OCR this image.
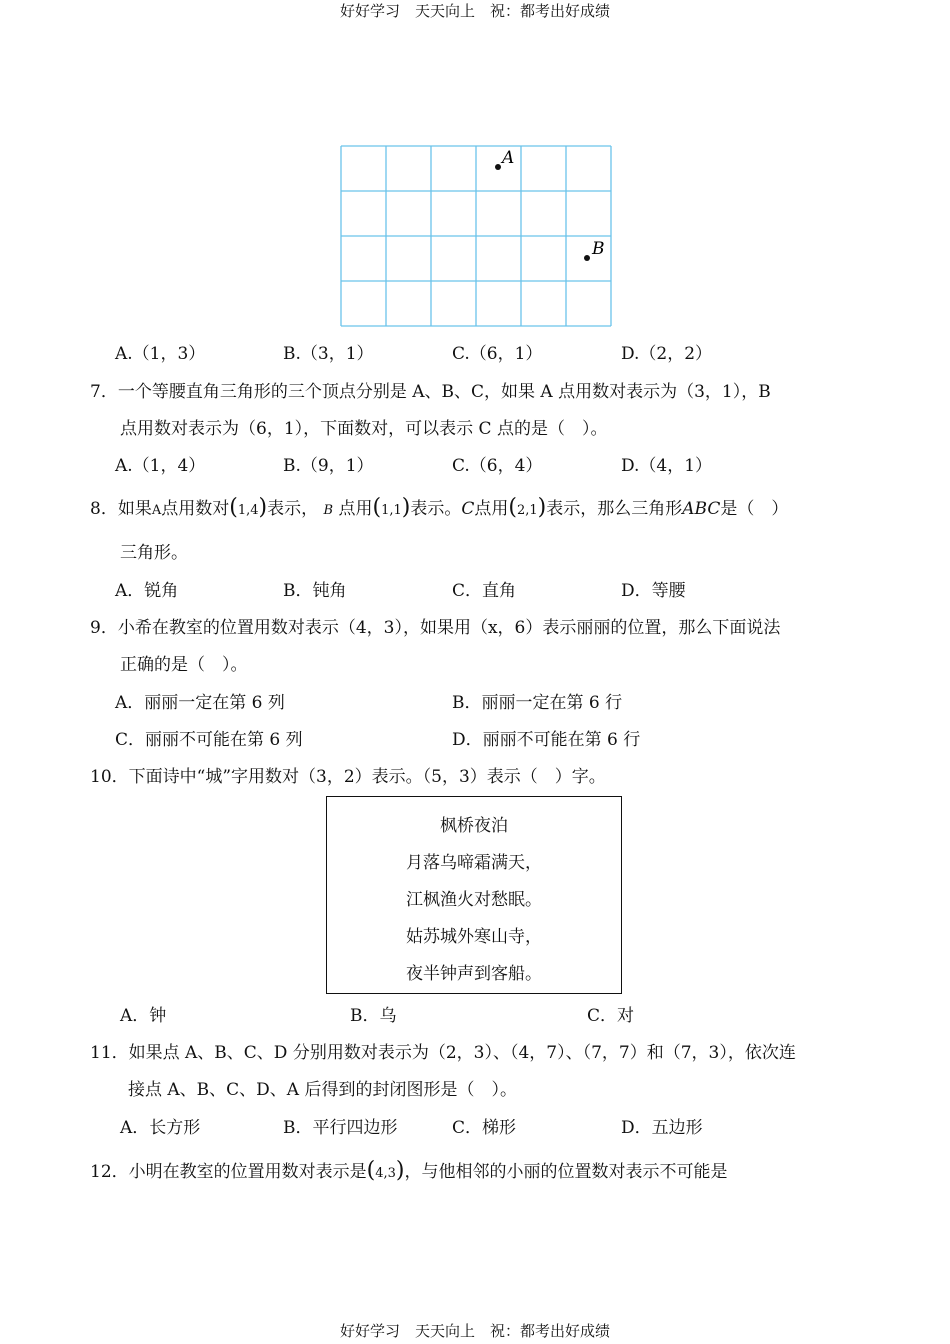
好好学习　天天向上　祝：都考出好成绩
A
B
A.（1，3）	B.（3，1）	C.（6，1）	D.（2，2）
7．一个等腰直角三角形的三个顶点分别是 A、B、C，如果 A 点用数对表示为（3，1），B
点用数对表示为（6，1），下面数对，可以表示 C 点的是（　）。
A.（1，4）	B.（9，1）	C.（6，4）	D.（4，1）
8．如果A点用数对(1,4)表示， B 点用(1,1)表示。C点用(2,1)表示，那么三角形ABC是（　）
三角形。
A．锐角	B．钝角	C．直角	D．等腰
9．小希在教室的位置用数对表示（4，3），如果用（x，6）表示丽丽的位置，那么下面说法
正确的是（　）。
A．丽丽一定在第 6 列	B．丽丽一定在第 6 行
C．丽丽不可能在第 6 列	D．丽丽不可能在第 6 行
10．下面诗中“城”字用数对（3，2）表示。（5，3）表示（　）字。
枫桥夜泊
月落乌啼霜满天，
江枫渔火对愁眠。
姑苏城外寒山寺，
夜半钟声到客船。
A．钟	B．乌	C．对
11．如果点 A、B、C、D 分别用数对表示为（2，3）、（4，7）、（7，7）和（7，3），依次连
接点 A、B、C、D、A 后得到的封闭图形是（　）。
A．长方形	B．平行四边形	C．梯形	D．五边形
12．小明在教室的位置用数对表示是(4,3)，与他相邻的小丽的位置数对表示不可能是
好好学习　天天向上　祝：都考出好成绩
